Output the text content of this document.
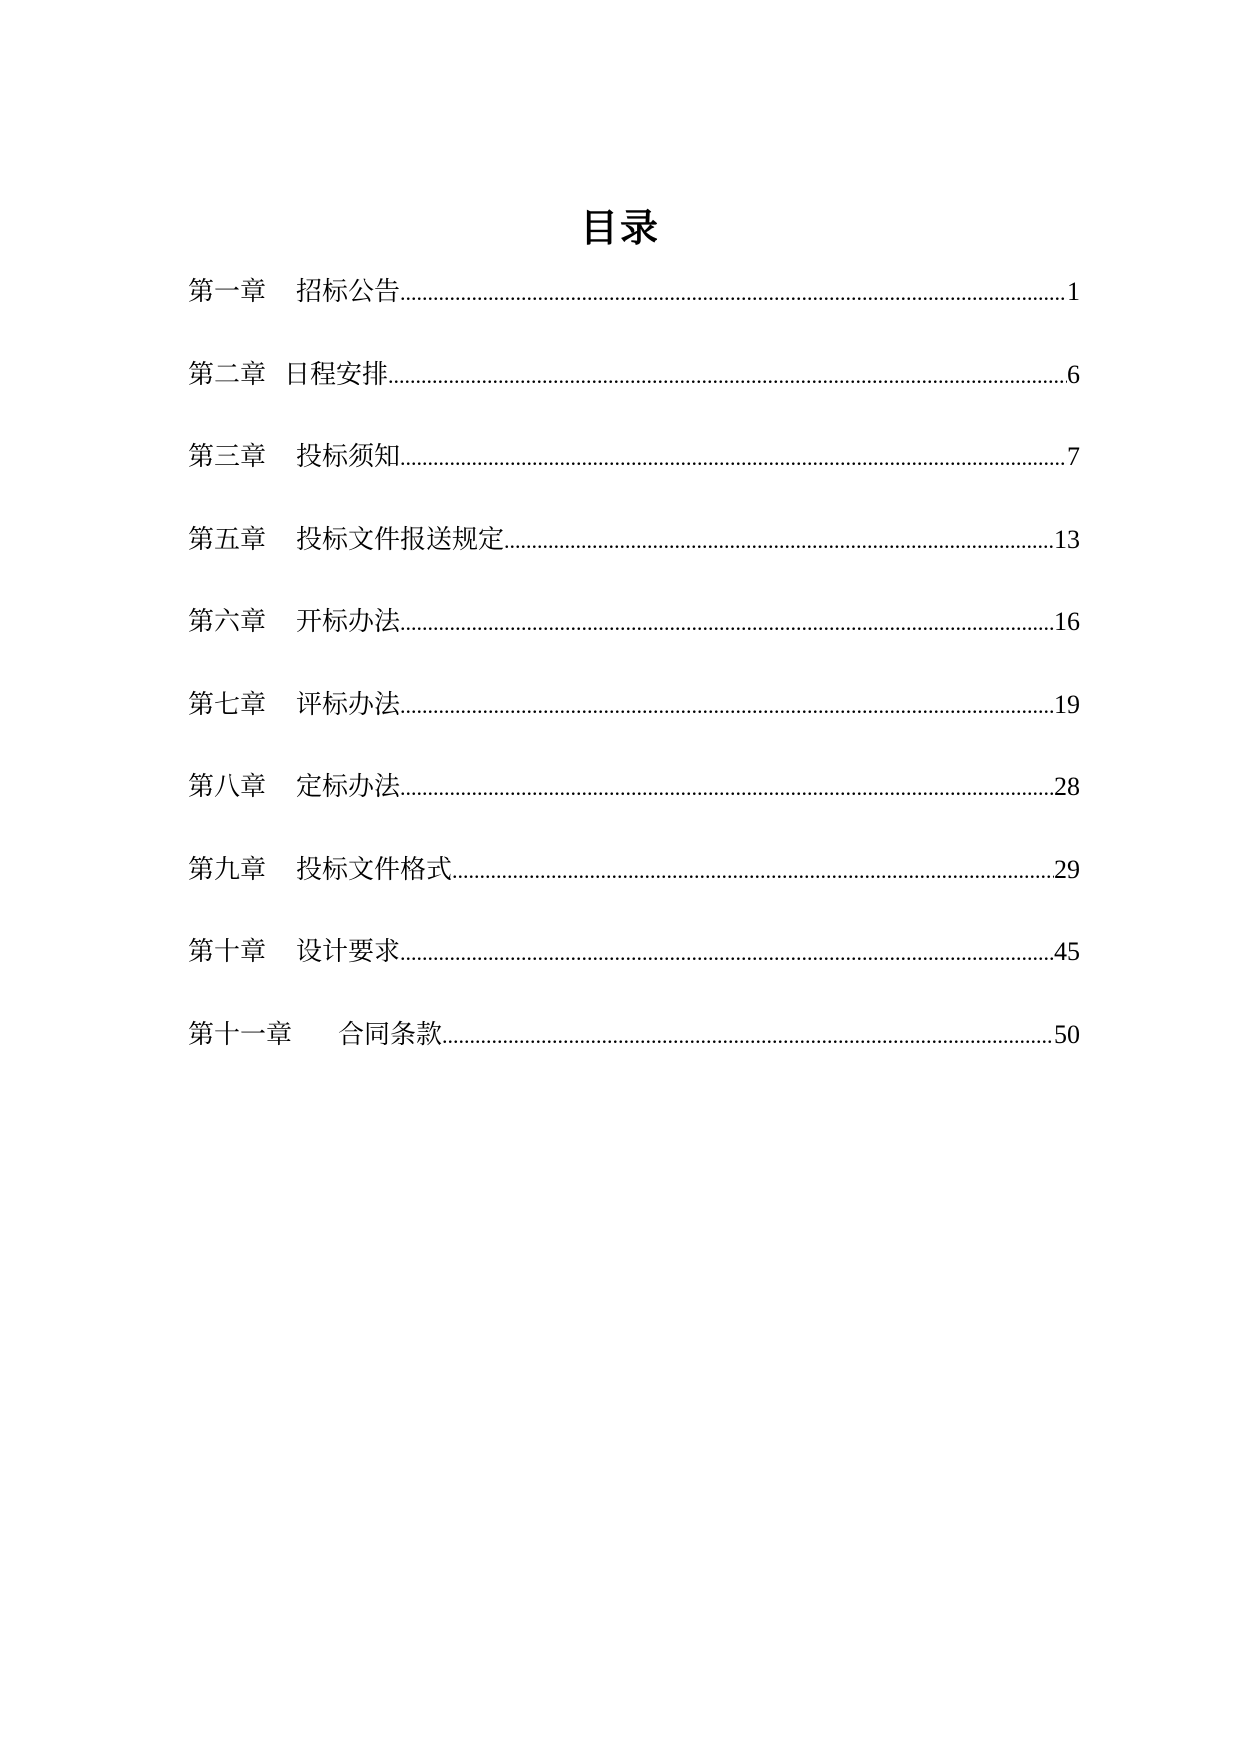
目录
第一章 招标公告 .....	1
第二章 日程安排 .....	6
第三章 投标须知 .....	7
第五章 投标文件报送规定 .....	13
第六章 开标办法 .....	16
第七章 评标办法 .....	19
第八章 定标办法 .....	28
第九章 投标文件格式 .....	29
第十章 设计要求 .....	45
第十一章 合同条款 .....	50
